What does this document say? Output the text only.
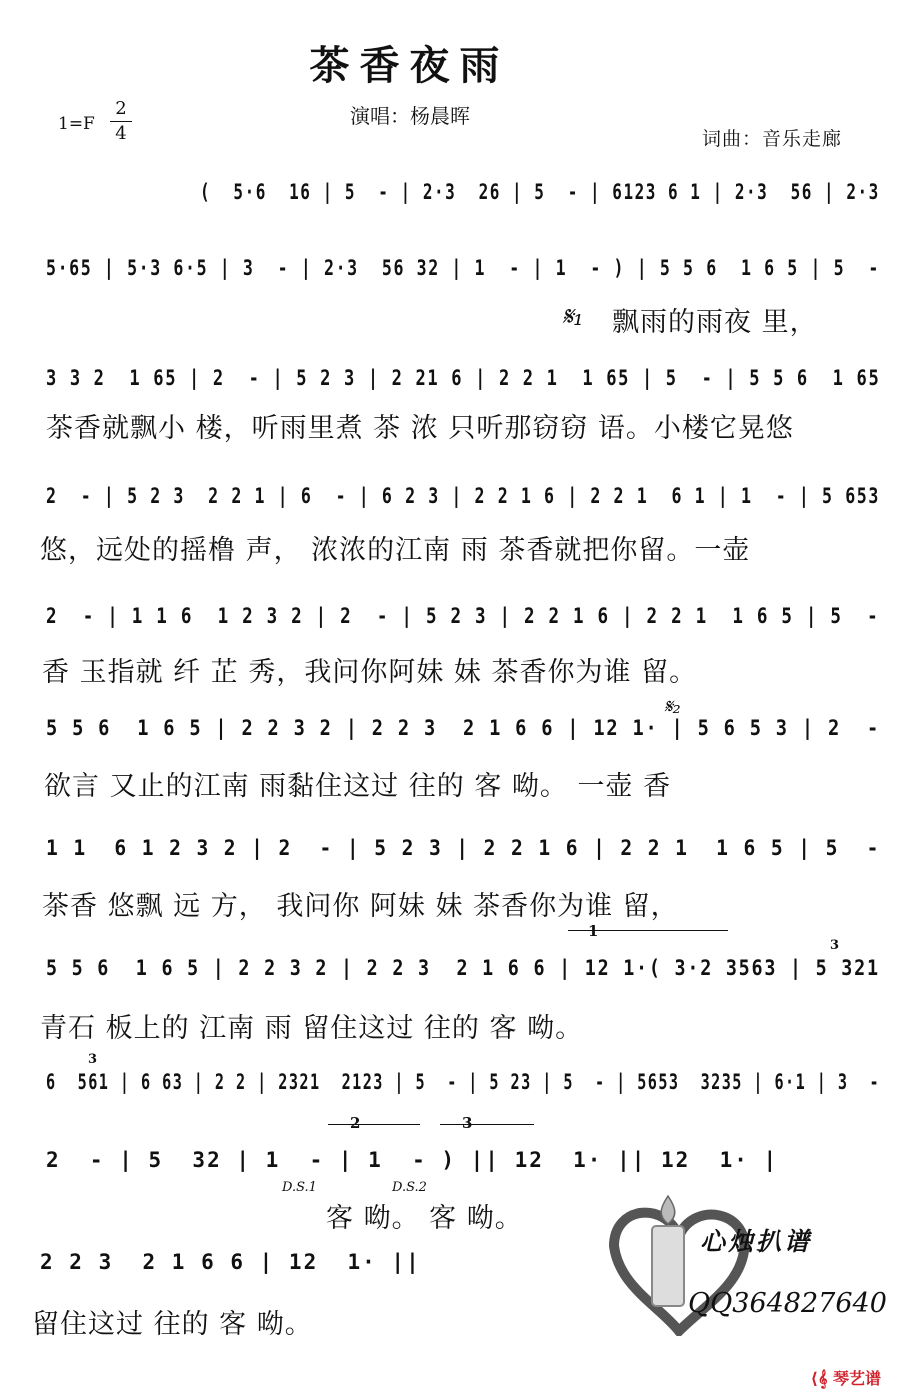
茶香夜雨
演唱：杨晨晖
词曲：音乐走廊
1=F
2
4
(  5·6  16 | 5  - | 2·3  26 | 5  - | 6123 6 1 | 2·3  56 | 2·3
5·65 | 5·3 6·5 | 3  - | 2·3  56 32 | 1  - | 1  - ) | 5 5 6  1 6 5 | 5  -
𝄋₁ 飘雨的雨夜 里，
3 3 2  1 65 | 2  - | 5 2 3 | 2 21 6 | 2 2 1  1 65 | 5  - | 5 5 6  1 65
茶香就飘小 楼，听雨里煮 茶 浓 只听那窃窃 语。小楼它晃悠
2  - | 5 2 3  2 2 1 | 6  - | 6 2 3 | 2 2 1 6 | 2 2 1  6 1 | 1  - | 5 653
悠，远处的摇橹 声， 浓浓的江南 雨 茶香就把你留。一壶
2  - | 1 1 6  1 2 3 2 | 2  - | 5 2 3 | 2 2 1 6 | 2 2 1  1 6 5 | 5  -
香 玉指就 纤 芷 秀，我问你阿妹 妹 茶香你为谁 留。
5 5 6  1 6 5 | 2 2 3 2 | 2 2 3  2 1 6 6 | 12 1· | 5 6 5 3 | 2  -
𝄋₂
欲言 又止的江南 雨黏住这过 往的 客 呦。 一壶 香
1 1  6 1 2 3 2 | 2  - | 5 2 3 | 2 2 1 6 | 2 2 1  1 6 5 | 5  -
茶香 悠飘 远 方， 我问你 阿妹 妹 茶香你为谁 留，
5 5 6  1 6 5 | 2 2 3 2 | 2 2 3  2 1 6 6 | 12 1·( 3·2 3563 | 5 321
1
3
青石 板上的 江南 雨 留住这过 往的 客 呦。
6  561 | 6 63 | 2 2 | 2321  2123 | 5  - | 5 23 | 5  - | 5653  3235 | 6·1 | 3  -
3
2  - | 5  32 | 1  - | 1  - ) || 12  1· || 12  1· |
2	3
D.S.1	D.S.2
客 呦。 客 呦。
2 2 3  2 1 6 6 | 12  1· ||
留住这过 往的 客 呦。
心烛扒谱
QQ364827640
⟨𝄞 琴艺谱
